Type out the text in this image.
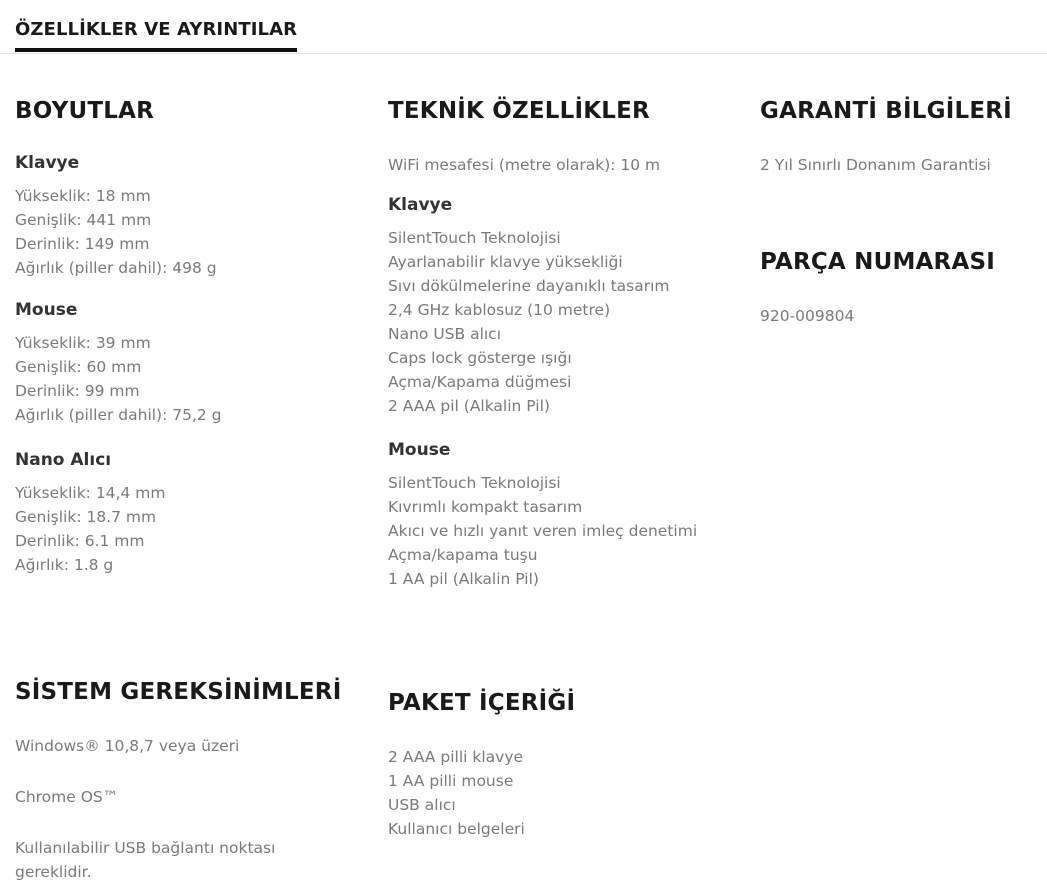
ÖZELLİKLER VE AYRINTILAR
BOYUTLAR
Klavye
Yükseklik: 18 mm
Genişlik: 441 mm
Derinlik: 149 mm
Ağırlık (piller dahil): 498 g
Mouse
Yükseklik: 39 mm
Genişlik: 60 mm
Derinlik: 99 mm
Ağırlık (piller dahil): 75,2 g
Nano Alıcı
Yükseklik: 14,4 mm
Genişlik: 18.7 mm
Derinlik: 6.1 mm
Ağırlık: 1.8 g
TEKNİK ÖZELLİKLER
WiFi mesafesi (metre olarak): 10 m
Klavye
SilentTouch Teknolojisi
Ayarlanabilir klavye yüksekliği
Sıvı dökülmelerine dayanıklı tasarım
2,4 GHz kablosuz (10 metre)
Nano USB alıcı
Caps lock gösterge ışığı
Açma/Kapama düğmesi
2 AAA pil (Alkalin Pil)
Mouse
SilentTouch Teknolojisi
Kıvrımlı kompakt tasarım
Akıcı ve hızlı yanıt veren imleç denetimi
Açma/kapama tuşu
1 AA pil (Alkalin Pil)
GARANTİ BİLGİLERİ
2 Yıl Sınırlı Donanım Garantisi
PARÇA NUMARASI
920-009804
SİSTEM GEREKSİNİMLERİ
Windows® 10,8,7 veya üzeri
Chrome OS™
Kullanılabilir USB bağlantı noktası gereklidir.
PAKET İÇERİĞİ
2 AAA pilli klavye
1 AA pilli mouse
USB alıcı
Kullanıcı belgeleri
